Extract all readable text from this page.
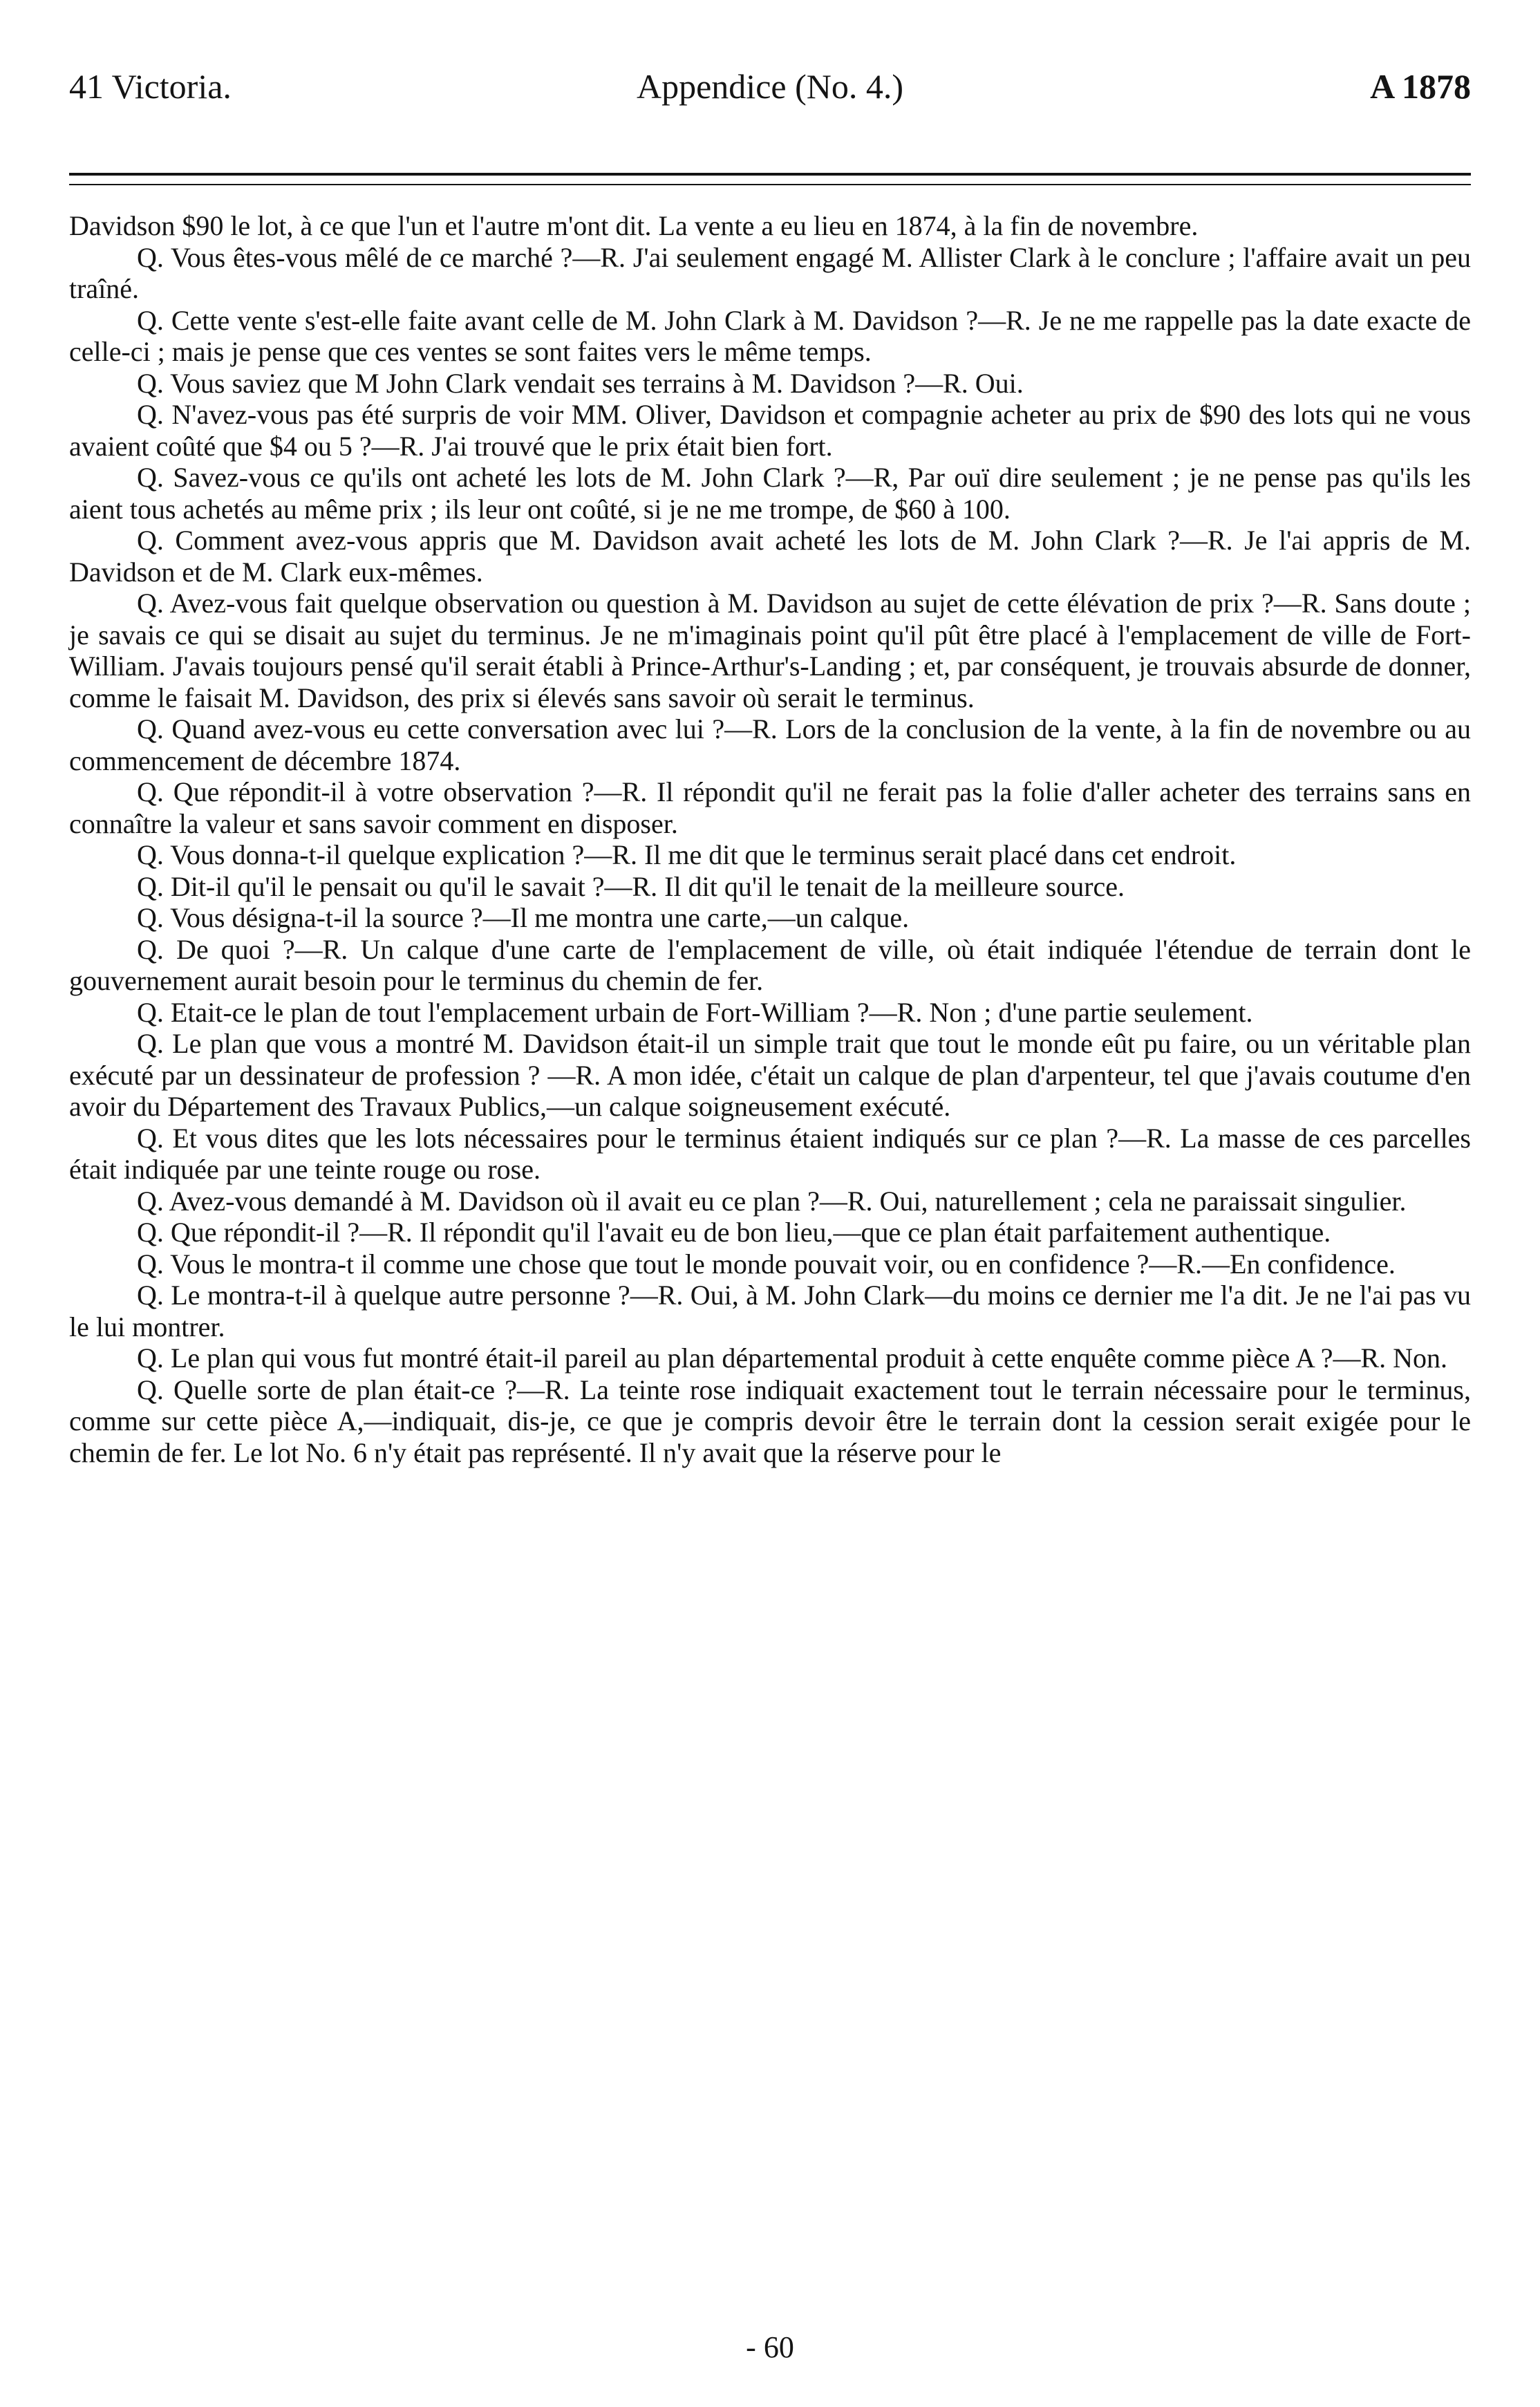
41 Victoria.	Appendice (No. 4.)	A 1878

Davidson $90 le lot, à ce que l'un et l'autre m'ont dit. La vente a eu lieu en 1874, à la fin de novembre.

Q. Vous êtes-vous mêlé de ce marché ?—R. J'ai seulement engagé M. Allister Clark à le conclure ; l'affaire avait un peu traîné.

Q. Cette vente s'est-elle faite avant celle de M. John Clark à M. Davidson ?—R. Je ne me rappelle pas la date exacte de celle-ci ; mais je pense que ces ventes se sont faites vers le même temps.

Q. Vous saviez que M John Clark vendait ses terrains à M. Davidson ?—R. Oui.

Q. N'avez-vous pas été surpris de voir MM. Oliver, Davidson et compagnie acheter au prix de $90 des lots qui ne vous avaient coûté que $4 ou 5 ?—R. J'ai trouvé que le prix était bien fort.

Q. Savez-vous ce qu'ils ont acheté les lots de M. John Clark ?—R, Par ouï dire seulement ; je ne pense pas qu'ils les aient tous achetés au même prix ; ils leur ont coûté, si je ne me trompe, de $60 à 100.

Q. Comment avez-vous appris que M. Davidson avait acheté les lots de M. John Clark ?—R. Je l'ai appris de M. Davidson et de M. Clark eux-mêmes.

Q. Avez-vous fait quelque observation ou question à M. Davidson au sujet de cette élévation de prix ?—R. Sans doute ; je savais ce qui se disait au sujet du terminus. Je ne m'imaginais point qu'il pût être placé à l'emplacement de ville de Fort-William. J'avais toujours pensé qu'il serait établi à Prince-Arthur's-Landing ; et, par conséquent, je trouvais absurde de donner, comme le faisait M. Davidson, des prix si élevés sans savoir où serait le terminus.

Q. Quand avez-vous eu cette conversation avec lui ?—R. Lors de la conclusion de la vente, à la fin de novembre ou au commencement de décembre 1874.

Q. Que répondit-il à votre observation ?—R. Il répondit qu'il ne ferait pas la folie d'aller acheter des terrains sans en connaître la valeur et sans savoir comment en disposer.

Q. Vous donna-t-il quelque explication ?—R. Il me dit que le terminus serait placé dans cet endroit.

Q. Dit-il qu'il le pensait ou qu'il le savait ?—R. Il dit qu'il le tenait de la meilleure source.

Q. Vous désigna-t-il la source ?—Il me montra une carte,—un calque.

Q. De quoi ?—R. Un calque d'une carte de l'emplacement de ville, où était indiquée l'étendue de terrain dont le gouvernement aurait besoin pour le terminus du chemin de fer.

Q. Etait-ce le plan de tout l'emplacement urbain de Fort-William ?—R. Non ; d'une partie seulement.

Q. Le plan que vous a montré M. Davidson était-il un simple trait que tout le monde eût pu faire, ou un véritable plan exécuté par un dessinateur de profession ? —R. A mon idée, c'était un calque de plan d'arpenteur, tel que j'avais coutume d'en avoir du Département des Travaux Publics,—un calque soigneusement exécuté.

Q. Et vous dites que les lots nécessaires pour le terminus étaient indiqués sur ce plan ?—R. La masse de ces parcelles était indiquée par une teinte rouge ou rose.

Q. Avez-vous demandé à M. Davidson où il avait eu ce plan ?—R. Oui, naturellement ; cela ne paraissait singulier.

Q. Que répondit-il ?—R. Il répondit qu'il l'avait eu de bon lieu,—que ce plan était parfaitement authentique.

Q. Vous le montra-t il comme une chose que tout le monde pouvait voir, ou en confidence ?—R.—En confidence.

Q. Le montra-t-il à quelque autre personne ?—R. Oui, à M. John Clark—du moins ce dernier me l'a dit. Je ne l'ai pas vu le lui montrer.

Q. Le plan qui vous fut montré était-il pareil au plan départemental produit à cette enquête comme pièce A ?—R. Non.

Q. Quelle sorte de plan était-ce ?—R. La teinte rose indiquait exactement tout le terrain nécessaire pour le terminus, comme sur cette pièce A,—indiquait, dis-je, ce que je compris devoir être le terrain dont la cession serait exigée pour le chemin de fer. Le lot No. 6 n'y était pas représenté. Il n'y avait que la réserve pour le

- 60
